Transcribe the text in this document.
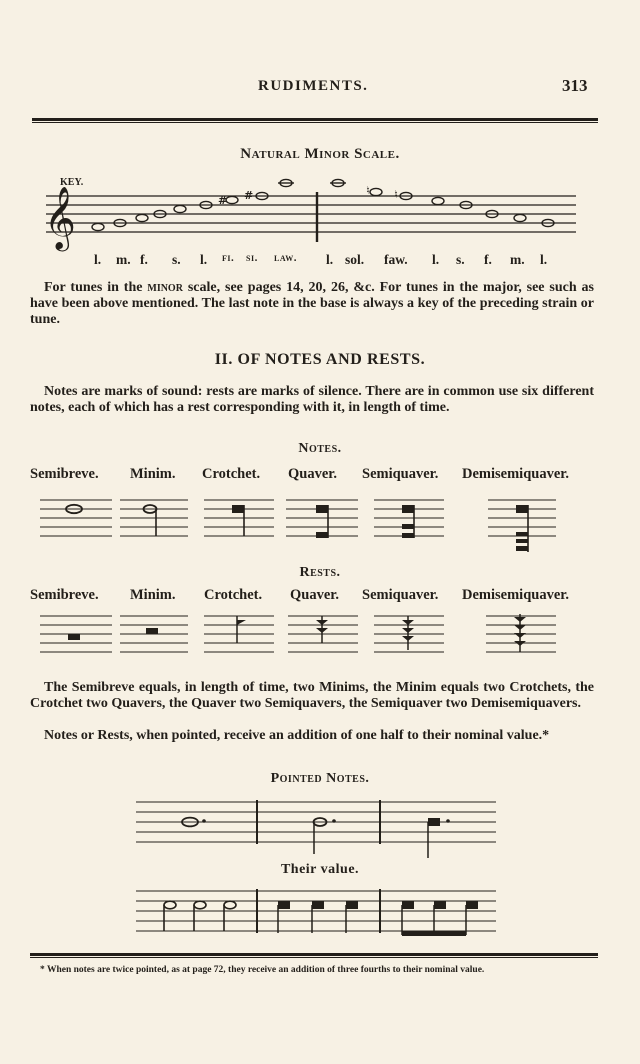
RUDIMENTS.	313
Natural Minor Scale.
KEY.
𝄞	# #	♮ ♮
l. m. f. s. l. fi. si. law. l. sol. faw. l. s. f. m. l.
For tunes in the minor scale, see pages 14, 20, 26, &c. For tunes in the major, see such as have been above mentioned. The last note in the base is always a key of the preceding strain or tune.
II. OF NOTES AND RESTS.
Notes are marks of sound: rests are marks of silence. There are in common use six different notes, each of which has a rest corresponding with it, in length of time.
Notes.
Semibreve. Minim. Crotchet. Quaver. Semiquaver. Demisemiquaver.
Rests.
Semibreve. Minim. Crotchet. Quaver. Semiquaver. Demisemiquaver.
The Semibreve equals, in length of time, two Minims, the Minim equals two Crotchets, the Crotchet two Quavers, the Quaver two Semiquavers, the Semiquaver two Demisemiquavers.
Notes or Rests, when pointed, receive an addition of one half to their nominal value.*
Pointed Notes.
Their value.
* When notes are twice pointed, as at page 72, they receive an addition of three fourths to their nominal value.
